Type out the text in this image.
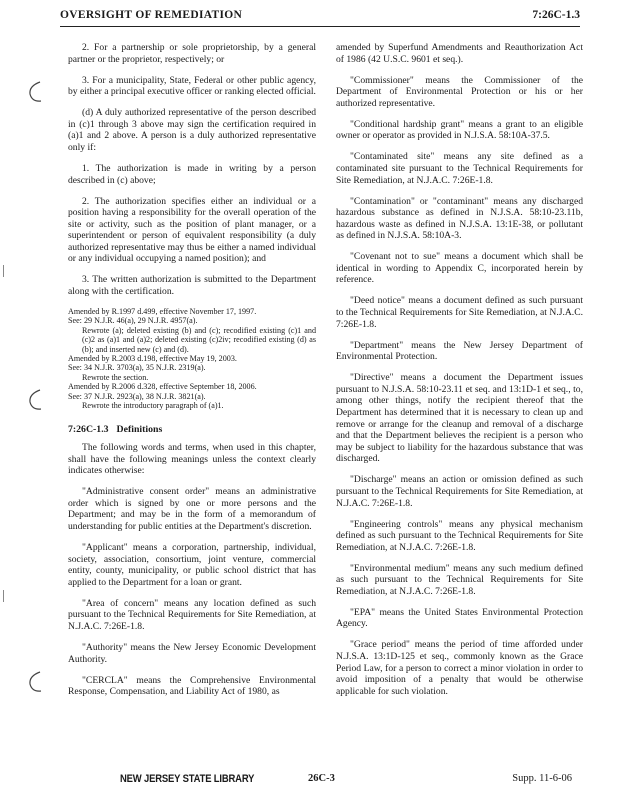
OVERSIGHT OF REMEDIATION	7:26C-1.3

2. For a partnership or sole proprietorship, by a general partner or the proprietor, respectively; or

3. For a municipality, State, Federal or other public agency, by either a principal executive officer or ranking elected official.

(d) A duly authorized representative of the person described in (c)1 through 3 above may sign the certification required in (a)1 and 2 above. A person is a duly authorized representative only if:

1. The authorization is made in writing by a person described in (c) above;

2. The authorization specifies either an individual or a position having a responsibility for the overall operation of the site or activity, such as the position of plant manager, or a superintendent or person of equivalent responsibility (a duly authorized representative may thus be either a named individual or any individual occupying a named position); and

3. The written authorization is submitted to the Department along with the certification.

Amended by R.1997 d.499, effective November 17, 1997.

See: 29 N.J.R. 46(a), 29 N.J.R. 4957(a).

Rewrote (a); deleted existing (b) and (c); recodified existing (c)1 and (c)2 as (a)1 and (a)2; deleted existing (c)2iv; recodified existing (d) as (b); and inserted new (c) and (d).

Amended by R.2003 d.198, effective May 19, 2003.

See: 34 N.J.R. 3703(a), 35 N.J.R. 2319(a).

Rewrote the section.

Amended by R.2006 d.328, effective September 18, 2006.

See: 37 N.J.R. 2923(a), 38 N.J.R. 3821(a).

Rewrote the introductory paragraph of (a)1.

7:26C-1.3 Definitions

The following words and terms, when used in this chapter, shall have the following meanings unless the context clearly indicates otherwise:

"Administrative consent order" means an administrative order which is signed by one or more persons and the Department; and may be in the form of a memorandum of understanding for public entities at the Department's discretion.

"Applicant" means a corporation, partnership, individual, society, association, consortium, joint venture, commercial entity, county, municipality, or public school district that has applied to the Department for a loan or grant.

"Area of concern" means any location defined as such pursuant to the Technical Requirements for Site Remediation, at N.J.A.C. 7:26E-1.8.

"Authority" means the New Jersey Economic Development Authority.

"CERCLA" means the Comprehensive Environmental Response, Compensation, and Liability Act of 1980, as

amended by Superfund Amendments and Reauthorization Act of 1986 (42 U.S.C. 9601 et seq.).

"Commissioner" means the Commissioner of the Department of Environmental Protection or his or her authorized representative.

"Conditional hardship grant" means a grant to an eligible owner or operator as provided in N.J.S.A. 58:10A-37.5.

"Contaminated site" means any site defined as a contaminated site pursuant to the Technical Requirements for Site Remediation, at N.J.A.C. 7:26E-1.8.

"Contamination" or "contaminant" means any discharged hazardous substance as defined in N.J.S.A. 58:10-23.11b, hazardous waste as defined in N.J.S.A. 13:1E-38, or pollutant as defined in N.J.S.A. 58:10A-3.

"Covenant not to sue" means a document which shall be identical in wording to Appendix C, incorporated herein by reference.

"Deed notice" means a document defined as such pursuant to the Technical Requirements for Site Remediation, at N.J.A.C. 7:26E-1.8.

"Department" means the New Jersey Department of Environmental Protection.

"Directive" means a document the Department issues pursuant to N.J.S.A. 58:10-23.11 et seq. and 13:1D-1 et seq., to, among other things, notify the recipient thereof that the Department has determined that it is necessary to clean up and remove or arrange for the cleanup and removal of a discharge and that the Department believes the recipient is a person who may be subject to liability for the hazardous substance that was discharged.

"Discharge" means an action or omission defined as such pursuant to the Technical Requirements for Site Remediation, at N.J.A.C. 7:26E-1.8.

"Engineering controls" means any physical mechanism defined as such pursuant to the Technical Requirements for Site Remediation, at N.J.A.C. 7:26E-1.8.

"Environmental medium" means any such medium defined as such pursuant to the Technical Requirements for Site Remediation, at N.J.A.C. 7:26E-1.8.

"EPA" means the United States Environmental Protection Agency.

"Grace period" means the period of time afforded under N.J.S.A. 13:1D-125 et seq., commonly known as the Grace Period Law, for a person to correct a minor violation in order to avoid imposition of a penalty that would be otherwise applicable for such violation.

NEW JERSEY STATE LIBRARY	26C-3	Supp. 11-6-06
